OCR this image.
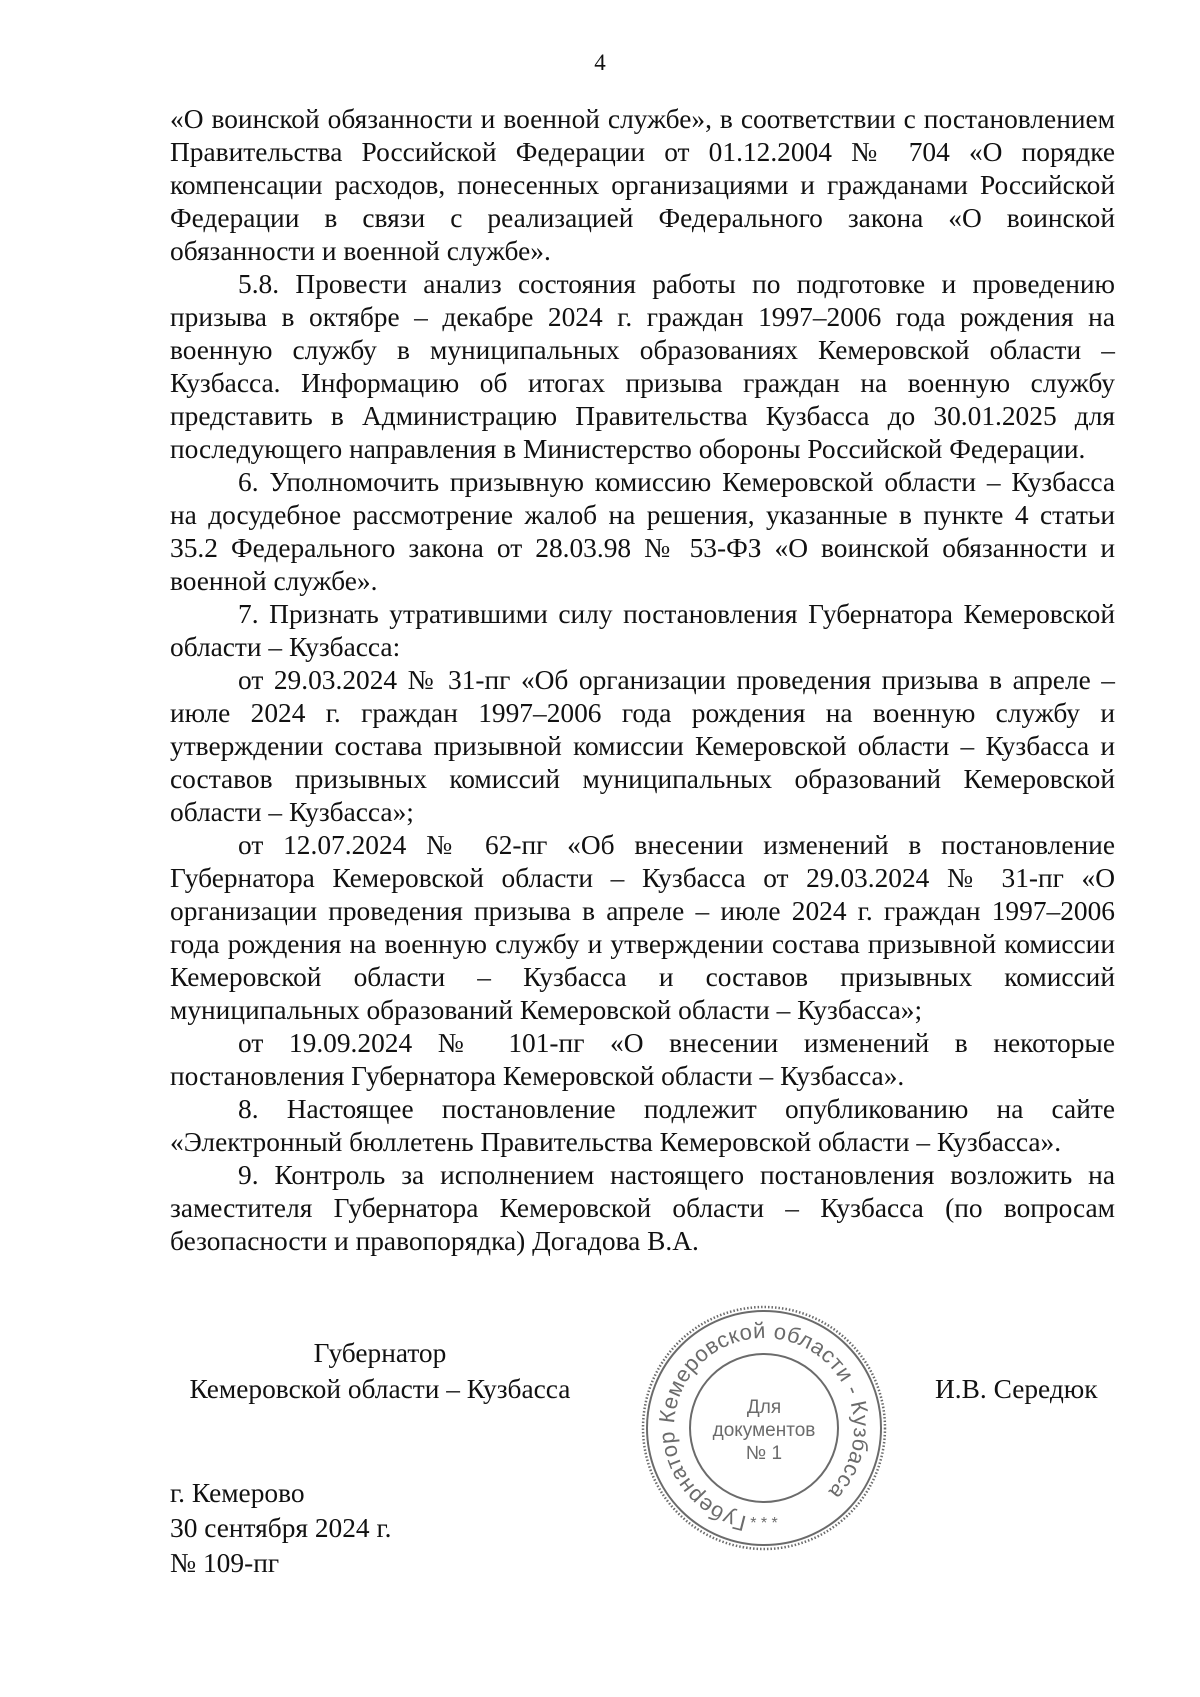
4

«О воинской обязанности и военной службе», в соответствии с постановлением Правительства Российской Федерации от 01.12.2004 № 704 «О порядке компенсации расходов, понесенных организациями и гражданами Российской Федерации в связи с реализацией Федерального закона «О воинской обязанности и военной службе».

5.8. Провести анализ состояния работы по подготовке и проведению призыва в октябре – декабре 2024 г. граждан 1997–2006 года рождения на военную службу в муниципальных образованиях Кемеровской области – Кузбасса. Информацию об итогах призыва граждан на военную службу представить в Администрацию Правительства Кузбасса до 30.01.2025 для последующего направления в Министерство обороны Российской Федерации.

6. Уполномочить призывную комиссию Кемеровской области – Кузбасса на досудебное рассмотрение жалоб на решения, указанные в пункте 4 статьи 35.2 Федерального закона от 28.03.98 № 53-ФЗ «О воинской обязанности и военной службе».

7. Признать утратившими силу постановления Губернатора Кемеровской области – Кузбасса:

от 29.03.2024 № 31-пг «Об организации проведения призыва в апреле – июле 2024 г. граждан 1997–2006 года рождения на военную службу и утверждении состава призывной комиссии Кемеровской области – Кузбасса и составов призывных комиссий муниципальных образований Кемеровской области – Кузбасса»;

от 12.07.2024 № 62-пг «Об внесении изменений в постановление Губернатора Кемеровской области – Кузбасса от 29.03.2024 № 31-пг «О организации проведения призыва в апреле – июле 2024 г. граждан 1997–2006 года рождения на военную службу и утверждении состава призывной комиссии Кемеровской области – Кузбасса и составов призывных комиссий муниципальных образований Кемеровской области – Кузбасса»;

от 19.09.2024 № 101-пг «О внесении изменений в некоторые постановления Губернатора Кемеровской области – Кузбасса».

8. Настоящее постановление подлежит опубликованию на сайте «Электронный бюллетень Правительства Кемеровской области – Кузбасса».

9. Контроль за исполнением настоящего постановления возложить на заместителя Губернатора Кемеровской области – Кузбасса (по вопросам безопасности и правопорядка) Догадова В.А.

Губернатор
Кемеровской области – Кузбасса	И.В. Середюк
Губернатор Кемеровской области - Кузбасса
Для
документов
№ 1
* * *
г. Кемерово
30 сентября 2024 г.
№ 109-пг
